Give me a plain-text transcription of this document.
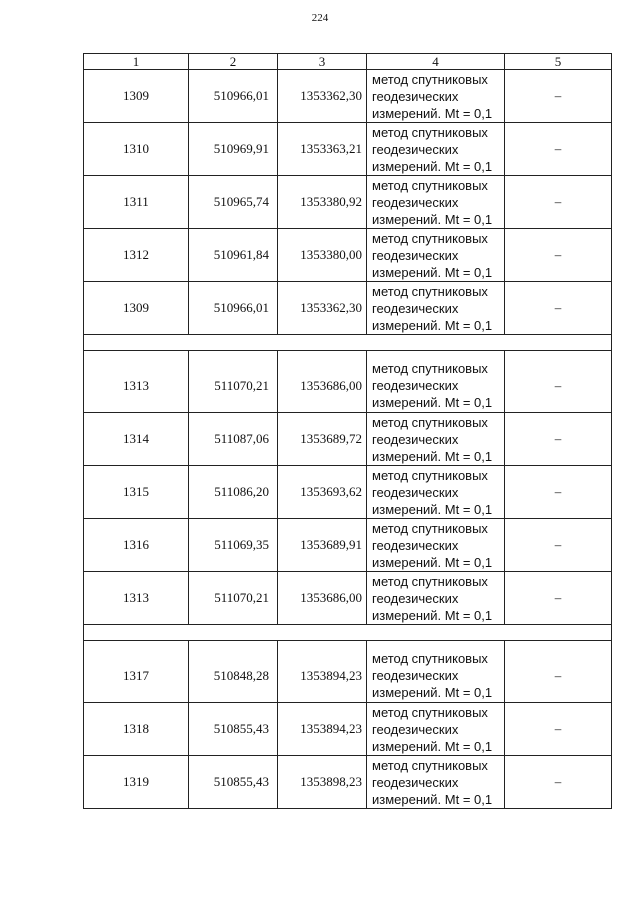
224
1	2	3	4	5
1309	510966,01	1353362,30	метод спутниковых
геодезических
измерений. Mt = 0,1	–
1310	510969,91	1353363,21	метод спутниковых
геодезических
измерений. Mt = 0,1	–
1311	510965,74	1353380,92	метод спутниковых
геодезических
измерений. Mt = 0,1	–
1312	510961,84	1353380,00	метод спутниковых
геодезических
измерений. Mt = 0,1	–
1309	510966,01	1353362,30	метод спутниковых
геодезических
измерений. Mt = 0,1	–

1313	511070,21	1353686,00	метод спутниковых
геодезических
измерений. Mt = 0,1	–
1314	511087,06	1353689,72	метод спутниковых
геодезических
измерений. Mt = 0,1	–
1315	511086,20	1353693,62	метод спутниковых
геодезических
измерений. Mt = 0,1	–
1316	511069,35	1353689,91	метод спутниковых
геодезических
измерений. Mt = 0,1	–
1313	511070,21	1353686,00	метод спутниковых
геодезических
измерений. Mt = 0,1	–

1317	510848,28	1353894,23	метод спутниковых
геодезических
измерений. Mt = 0,1	–
1318	510855,43	1353894,23	метод спутниковых
геодезических
измерений. Mt = 0,1	–
1319	510855,43	1353898,23	метод спутниковых
геодезических
измерений. Mt = 0,1	–
